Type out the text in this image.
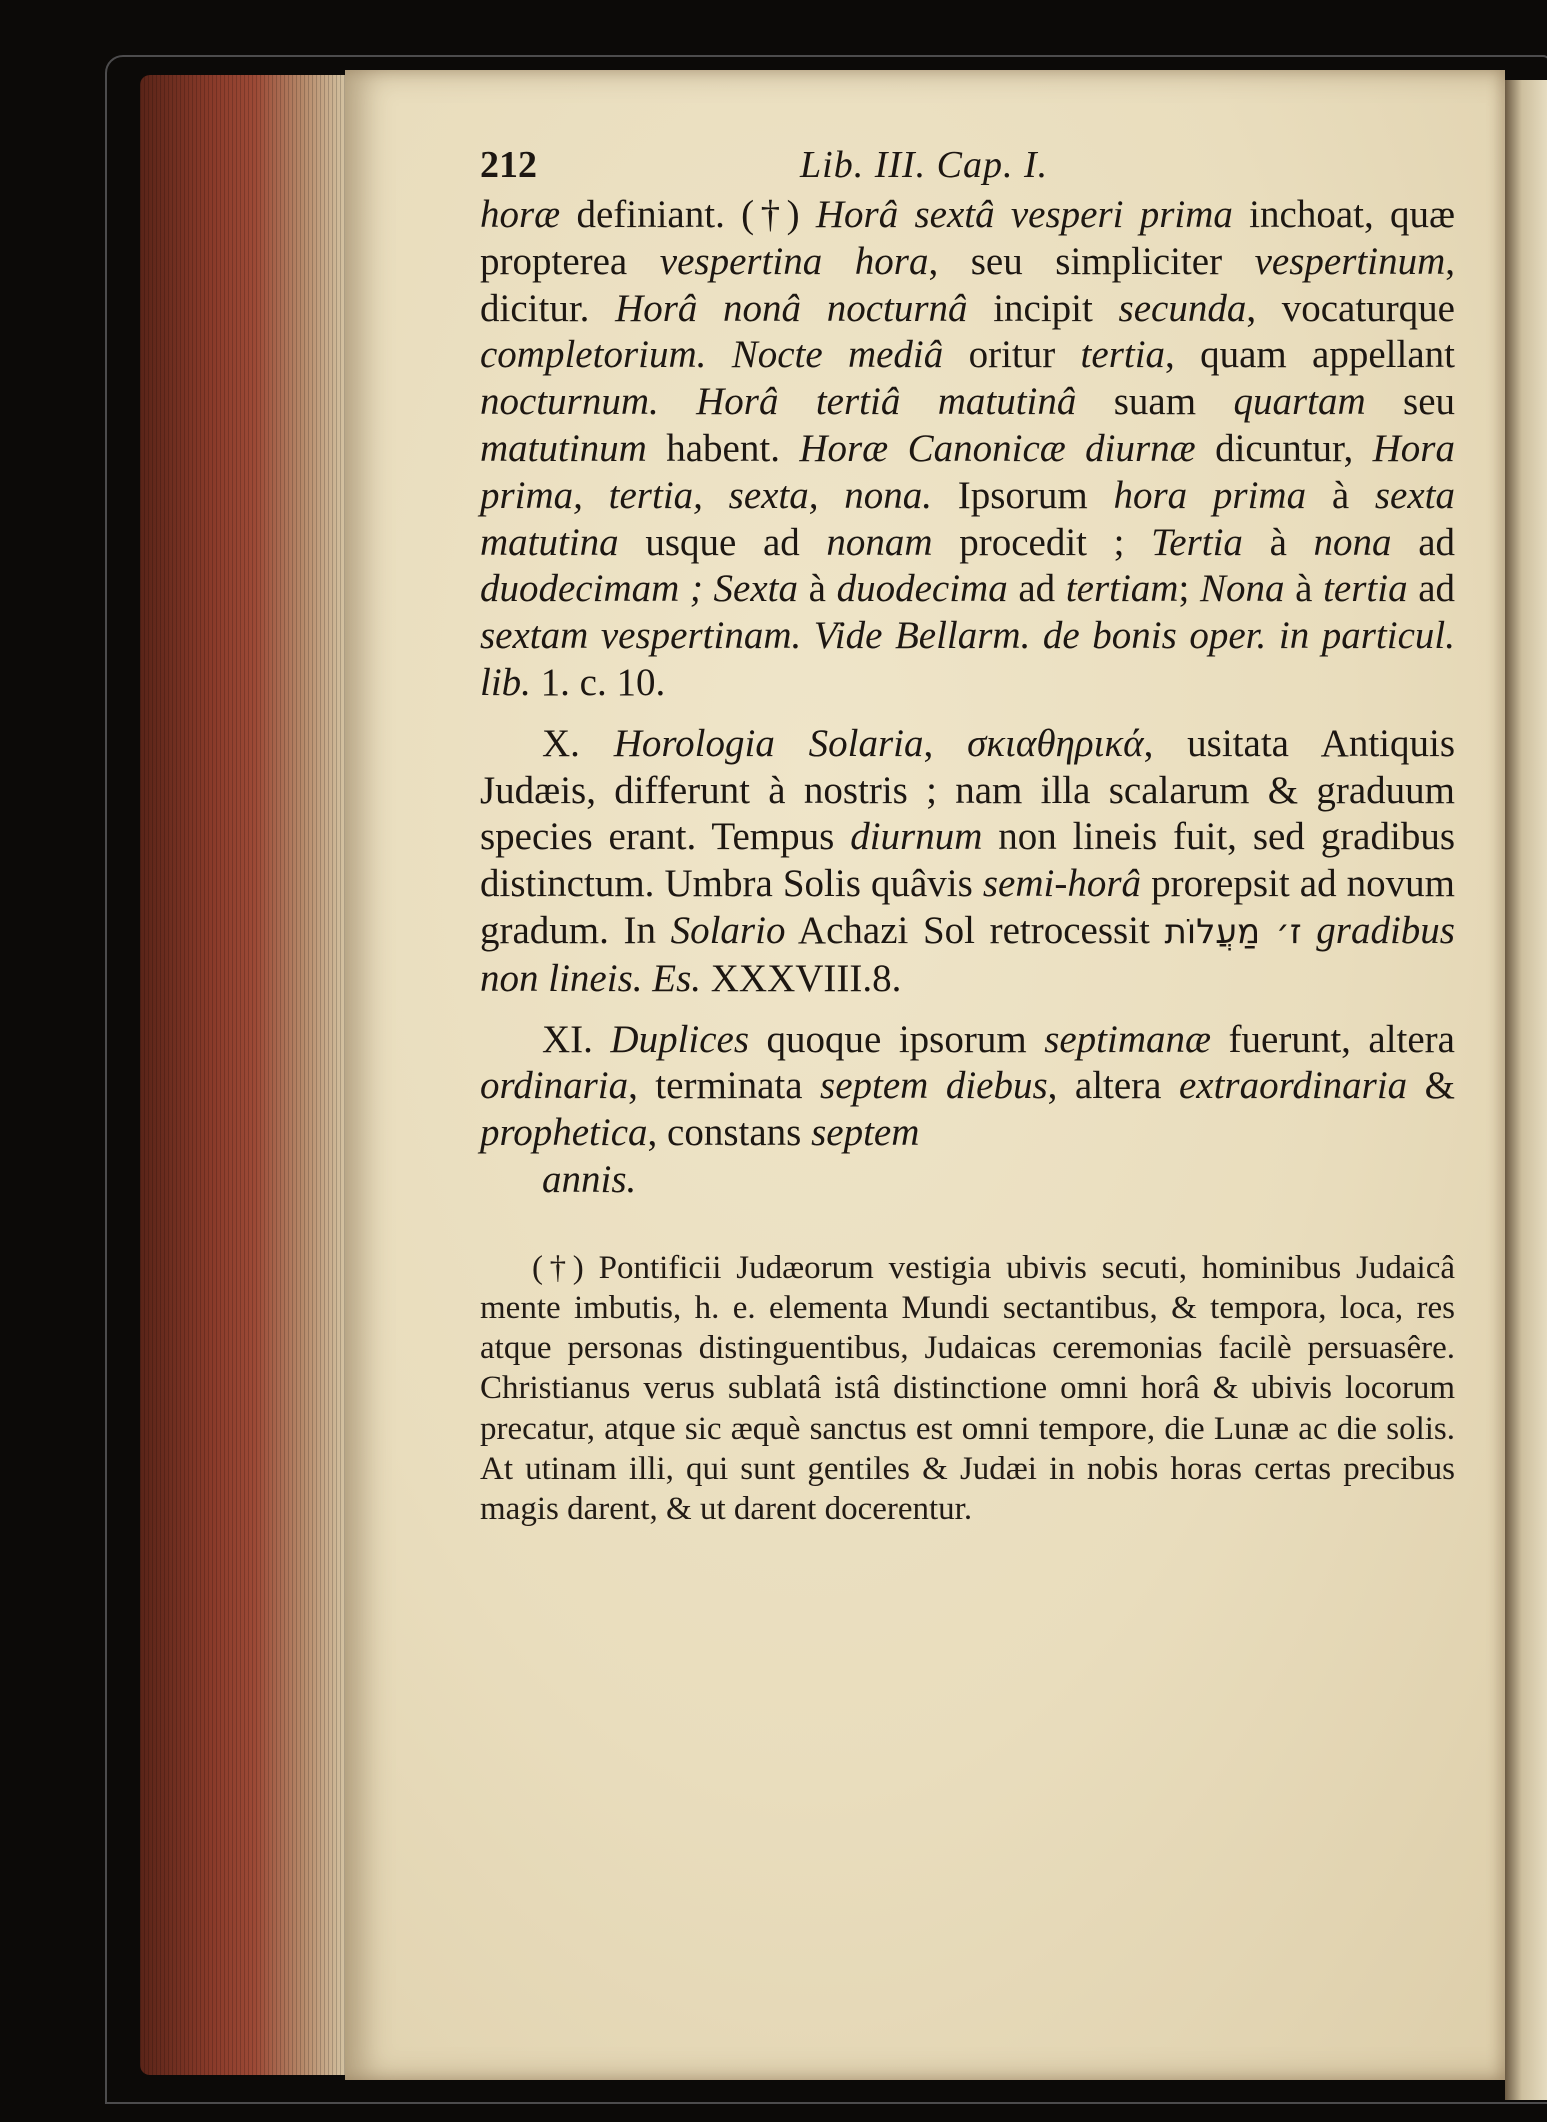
212	Lib. III. Cap. I.

horæ definiant. (†) Horâ sextâ vesperi prima inchoat, quæ propterea vespertina hora, seu simpliciter vespertinum, dicitur. Horâ nonâ nocturnâ incipit secunda, vocaturque completorium. Nocte mediâ oritur tertia, quam appellant nocturnum. Horâ tertiâ matutinâ suam quartam seu matutinum habent. Horæ Canonicæ diurnæ dicuntur, Hora prima, tertia, sexta, nona. Ipsorum hora prima à sexta matutina usque ad nonam procedit ; Tertia à nona ad duodecimam ; Sexta à duodecima ad tertiam; Nona à tertia ad sextam vespertinam. Vide Bellarm. de bonis oper. in particul. lib. 1. c. 10.

X. Horologia Solaria, σκιαθηρικά, usitata Antiquis Judæis, differunt à nostris ; nam illa scalarum & graduum species erant. Tempus diurnum non lineis fuit, sed gradibus distinctum. Umbra Solis quâvis semi-horâ prorepsit ad novum gradum. In Solario Achazi Sol retrocessit ז׳ מַעֲלוֹת gradibus non lineis. Es. XXXVIII.8.

XI. Duplices quoque ipsorum septimanæ fuerunt, altera ordinaria, terminata septem diebus, altera extraordinaria & prophetica, constans septem
annis.

(†) Pontificii Judæorum vestigia ubivis secuti, hominibus Judaicâ mente imbutis, h. e. elementa Mundi sectantibus, & tempora, loca, res atque personas distinguentibus, Judaicas ceremonias facilè persuasêre. Christianus verus sublatâ istâ distinctione omni horâ & ubivis locorum precatur, atque sic æquè sanctus est omni tempore, die Lunæ ac die solis. At utinam illi, qui sunt gentiles & Judæi in nobis horas certas precibus magis darent, & ut darent docerentur.
